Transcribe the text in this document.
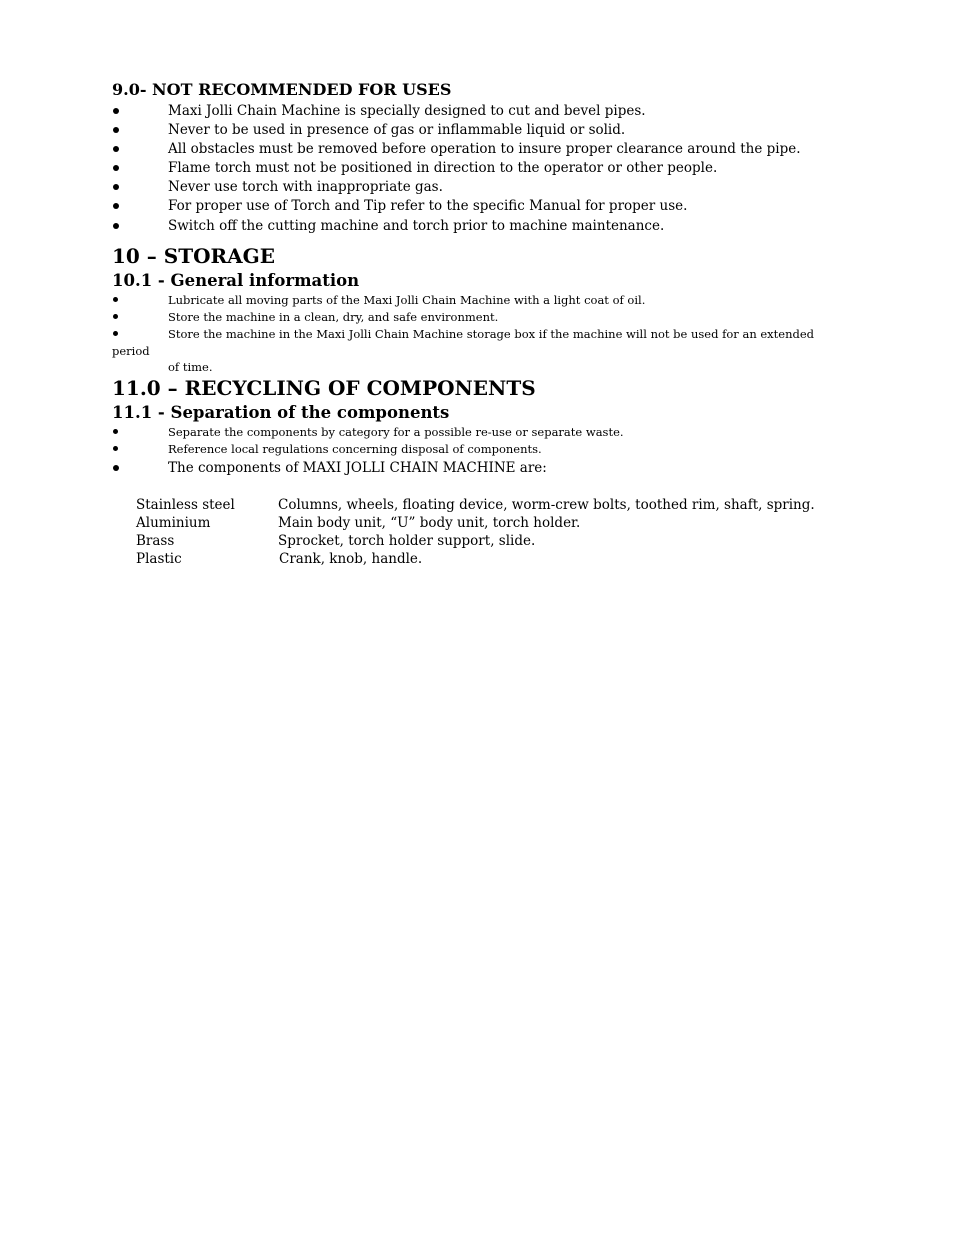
9.0- NOT RECOMMENDED FOR USES
Maxi Jolli Chain Machine is specially designed to cut and bevel pipes.
Never to be used in presence of gas or inflammable liquid or solid.
All obstacles must be removed before operation to insure proper clearance around the pipe.
Flame torch must not be positioned in direction to the operator or other people.
Never use torch with inappropriate gas.
For proper use of Torch and Tip refer to the specific Manual for proper use.
Switch off the cutting machine and torch prior to machine maintenance.
10 – STORAGE
10.1 - General information
Lubricate all moving parts of the Maxi Jolli Chain Machine with a light coat of oil.
Store the machine in a clean, dry, and safe environment.
Store the machine in the Maxi Jolli Chain Machine storage box if the machine will not be used for an extended
period
of time.
11.0 – RECYCLING OF COMPONENTS
11.1 - Separation of the components
Separate the components by category for a possible re-use or separate waste.
Reference local regulations concerning disposal of components.
The components of MAXI JOLLI CHAIN MACHINE are:
Stainless steel	Columns, wheels, floating device, worm-crew bolts, toothed rim, shaft, spring.
Aluminium	Main body unit, “U” body unit, torch holder.
Brass	Sprocket, torch holder support, slide.
Plastic	Crank, knob, handle.
